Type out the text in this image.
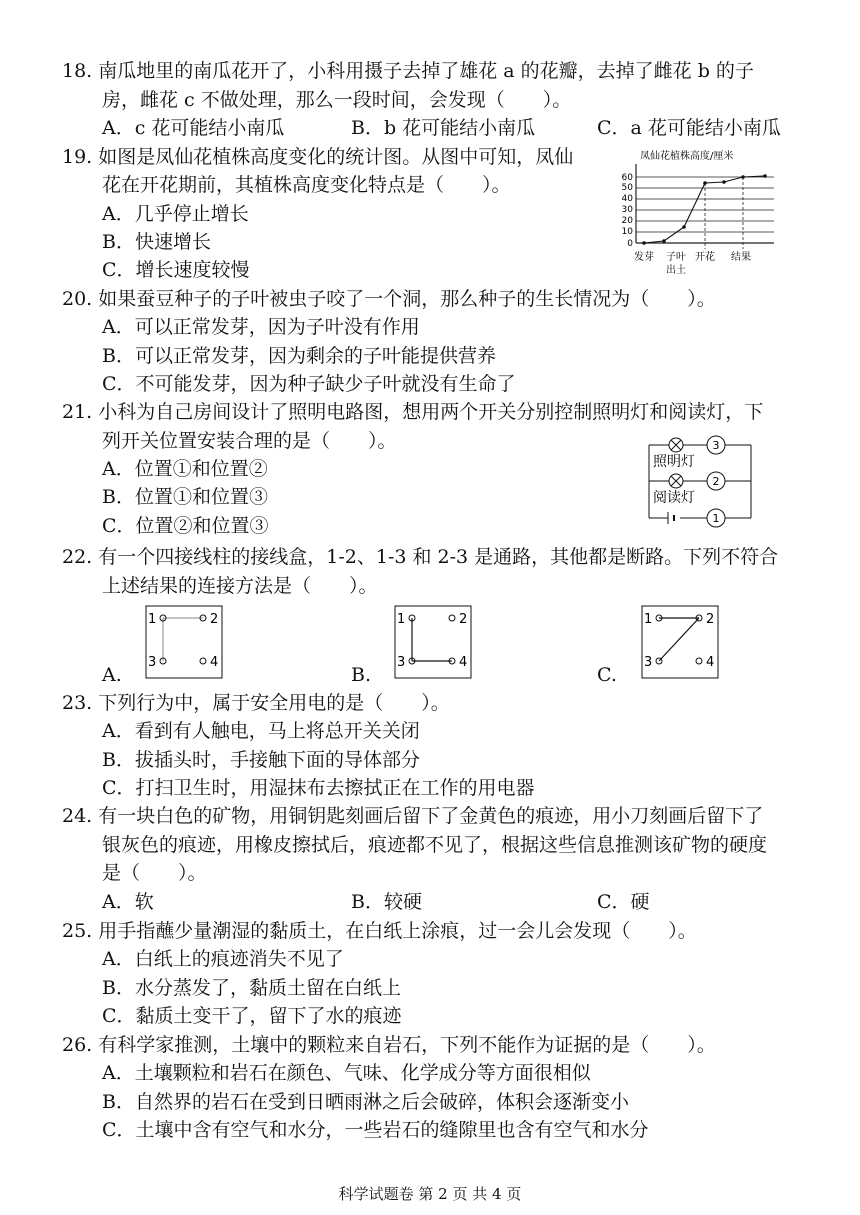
18. 南瓜地里的南瓜花开了，小科用摄子去掉了雄花 a 的花瓣，去掉了雌花 b 的子
房，雌花 c 不做处理，那么一段时间，会发现（　　）。
A．c 花可能结小南瓜	B．b 花可能结小南瓜	C．a 花可能结小南瓜
19. 如图是凤仙花植株高度变化的统计图。从图中可知，凤仙
花在开花期前，其植株高度变化特点是（　　）。
A．几乎停止增长
B．快速增长
C．增长速度较慢
凤仙花植株高度/厘米
60
50
40
30
20
10
0
发芽 子叶
出土
开花 结果
20. 如果蚕豆种子的子叶被虫子咬了一个洞，那么种子的生长情况为（　　）。
A．可以正常发芽，因为子叶没有作用
B．可以正常发芽，因为剩余的子叶能提供营养
C．不可能发芽，因为种子缺少子叶就没有生命了
21. 小科为自己房间设计了照明电路图，想用两个开关分别控制照明灯和阅读灯，下
列开关位置安装合理的是（　　）。
A．位置①和位置②
B．位置①和位置③
C．位置②和位置③
3
2
1
照明灯
阅读灯
22. 有一个四接线柱的接线盒，1-2、1-3 和 2-3 是通路，其他都是断路。下列不符合
上述结果的连接方法是（　　）。
A.
1	2
3	4
B.
1	2
3	4
C.
1	2
3	4
23. 下列行为中，属于安全用电的是（　　）。
A．看到有人触电，马上将总开关关闭
B．拔插头时，手接触下面的导体部分
C．打扫卫生时，用湿抹布去擦拭正在工作的用电器
24. 有一块白色的矿物，用铜钥匙刻画后留下了金黄色的痕迹，用小刀刻画后留下了
银灰色的痕迹，用橡皮擦拭后，痕迹都不见了，根据这些信息推测该矿物的硬度
是（　　）。
A．软	B．较硬	C．硬
25. 用手指蘸少量潮湿的黏质土，在白纸上涂痕，过一会儿会发现（　　）。
A．白纸上的痕迹消失不见了
B．水分蒸发了，黏质土留在白纸上
C．黏质土变干了，留下了水的痕迹
26. 有科学家推测，土壤中的颗粒来自岩石，下列不能作为证据的是（　　）。
A．土壤颗粒和岩石在颜色、气味、化学成分等方面很相似
B．自然界的岩石在受到日晒雨淋之后会破碎，体积会逐渐变小
C．土壤中含有空气和水分，一些岩石的缝隙里也含有空气和水分
科学试题卷 第 2 页 共 4 页
